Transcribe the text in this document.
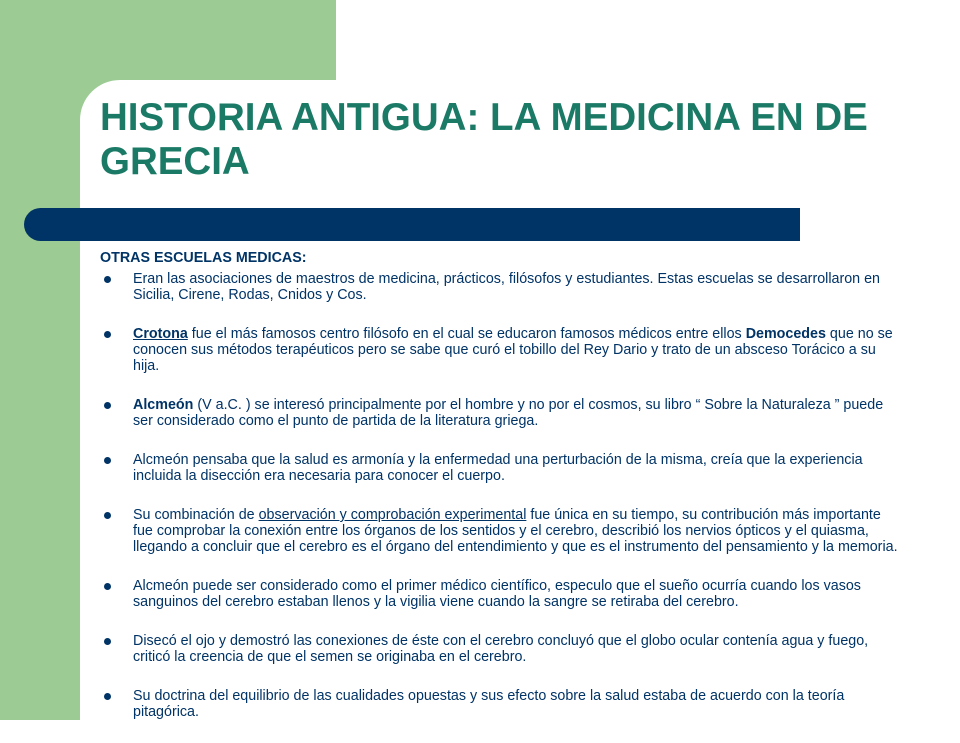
HISTORIA ANTIGUA: LA MEDICINA EN DE GRECIA

OTRAS ESCUELAS MEDICAS:

Eran las asociaciones de maestros de medicina, prácticos, filósofos y estudiantes. Estas escuelas se desarrollaron en Sicilia, Cirene, Rodas, Cnidos y Cos.
Crotona fue el más famosos centro filósofo en el cual se educaron famosos médicos entre ellos Democedes que no se conocen sus métodos terapéuticos pero se sabe que curó el tobillo del Rey Dario y trato de un absceso Torácico a su hija.
Alcmeón (V a.C. ) se interesó principalmente por el hombre y no por el cosmos, su libro “ Sobre la Naturaleza ” puede ser considerado como el punto de partida de la literatura griega.
Alcmeón pensaba que la salud es armonía y la enfermedad una perturbación de la misma, creía que la experiencia incluida la disección era necesaria para conocer el cuerpo.
Su combinación de observación y comprobación experimental fue única en su tiempo, su contribución más importante fue comprobar la conexión entre los órganos de los sentidos y el cerebro, describió los nervios ópticos y el quiasma, llegando a concluir que el cerebro es el órgano del entendimiento y que es el instrumento del pensamiento y la memoria.
Alcmeón puede ser considerado como el primer médico científico, especulo que el sueño ocurría cuando los vasos sanguinos del cerebro estaban llenos y la vigilia viene cuando la sangre se retiraba del cerebro.
Disecó el ojo y demostró las conexiones de éste con el cerebro concluyó que el globo ocular contenía agua y fuego, criticó la creencia de que el semen se originaba en el cerebro.
Su doctrina del equilibrio de las cualidades opuestas y sus efecto sobre la salud estaba de acuerdo con la teoría pitagórica.
